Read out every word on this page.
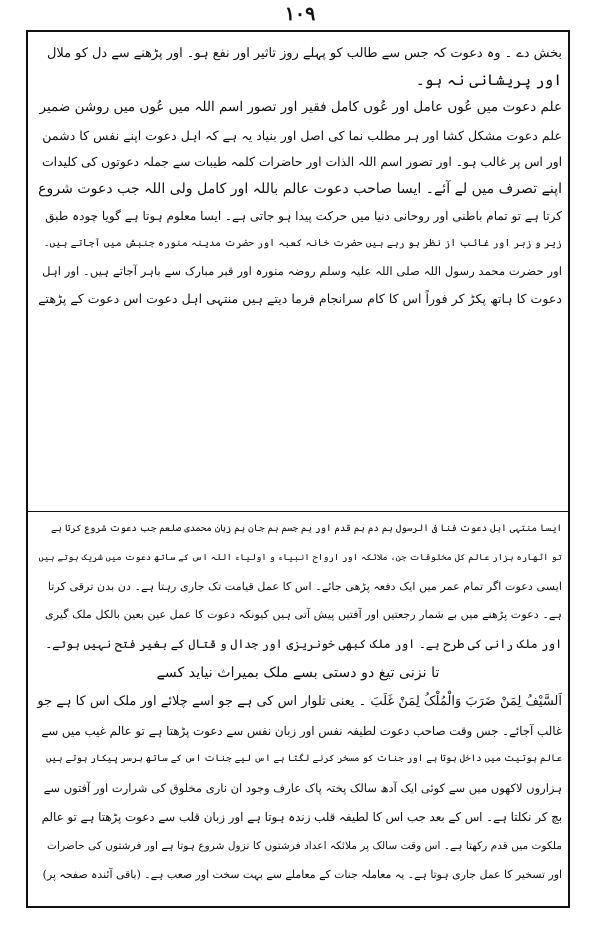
۱۰۹
بخش دے ۔ وہ دعوت کہ جس سے طالب کو پہلے روز تاثیر اور نفع ہو۔ اور پڑھنے سے دل کو ملال
اور پریشانی نہ ہو۔
علم دعوت میں عُوں عامل اور عُوں کامل فقیر اور تصور اسم اللہ میں عُوں میں روشن ضمیر
علم دعوت مشکل کشا اور ہر مطلب نما کی اصل اور بنیاد یہ ہے کہ اہل دعوت اپنے نفس کا دشمن
اور اس پر غالب ہو۔ اور تصور اسم اللہ الذات اور حاضرات کلمہ طیبات سے جملہ دعوتوں کی کلیدات
اپنے تصرف میں لے آئے۔ ایسا صاحب دعوت عالم باللہ اور کامل ولی اللہ جب دعوت شروع
کرتا ہے تو تمام باطنی اور روحانی دنیا میں حرکت پیدا ہو جاتی ہے۔ ایسا معلوم ہوتا ہے گویا چودہ طبق
زیر و زبر اور غائب از نظر ہو رہے ہیں حضرت خانہ کعبہ اور حضرت مدینہ منورہ جنبش میں آجاتے ہیں۔
اور حضرت محمد رسول اللہ صلی اللہ علیہ وسلم روضہ منورہ اور قبر مبارک سے باہر آجاتے ہیں۔ اور اہل
دعوت کا ہاتھ پکڑ کر فوراً اس کا کام سرانجام فرما دیتے ہیں منتہی اہل دعوت اس دعوت کے پڑھتے
ایسا منتہی اہل دعوت فنا فی الرسول ہم دم ہم قدم اور ہم جسم ہم جان ہم زبان محمدی صلعم جب دعوت شروع کرتا ہے
تو اٹھارہ ہزار عالم کل مخلوقات جن، ملائکہ اور ارواح انبیاء و اولیاء اللہ اس کے ساتھ دعوت میں شریک ہوتے ہیں
ایسی دعوت اگر تمام عمر میں ایک دفعہ پڑھی جائے۔ اس کا عمل قیامت تک جاری رہتا ہے۔ دن بدن ترقی کرتا
ہے۔ دعوت پڑھنے میں بے شمار رجعتیں اور آفتیں پیش آتی ہیں کیونکہ دعوت کا عمل عین بعین بالکل ملک گیری
اور ملک رانی کی طرح ہے۔ اور ملک کبھی خونریزی اور جدال و قتال کے بغیر فتح نہیں ہوتے۔
تا نزنی تیغ دو دستی بسے ملک بمیراث نیاید کسے
اَلسَّیْفُ لِمَنْ ضَرَبَ وَالْمُلْکُ لِمَنْ غَلَبَ ۔ یعنی تلوار اس کی ہے جو اسے چلائے اور ملک اس کا ہے جو
غالب آجائے۔ جس وقت صاحب دعوت لطیفہ نفس اور زبان نفس سے دعوت پڑھتا ہے تو عالم غیب میں سے
عالم ہوتیت میں داخل ہوتا ہے اور جنات کو مسخر کرنے لگتا ہے اس لیے جنات اس کے ساتھ برسر پیکار ہوتے ہیں
ہزاروں لاکھوں میں سے کوئی ایک آدھ سالک پختہ پاک عارف وجود ان ناری مخلوق کی شرارت اور آفتوں سے
بچ کر نکلتا ہے۔ اس کے بعد جب اس کا لطیفہ قلب زندہ ہوتا ہے اور زبان قلب سے دعوت پڑھتا ہے تو عالم
ملکوت میں قدم رکھتا ہے۔ اس وقت سالک پر ملائکہ اعداد فرشتوں کا نزول شروع ہوتا ہے اور فرشتوں کی حاضرات
اور تسخیر کا عمل جاری ہوتا ہے۔ یہ معاملہ جنات کے معاملے سے بہت سخت اور صعب ہے۔ (باقی آئندہ صفحہ پر)
